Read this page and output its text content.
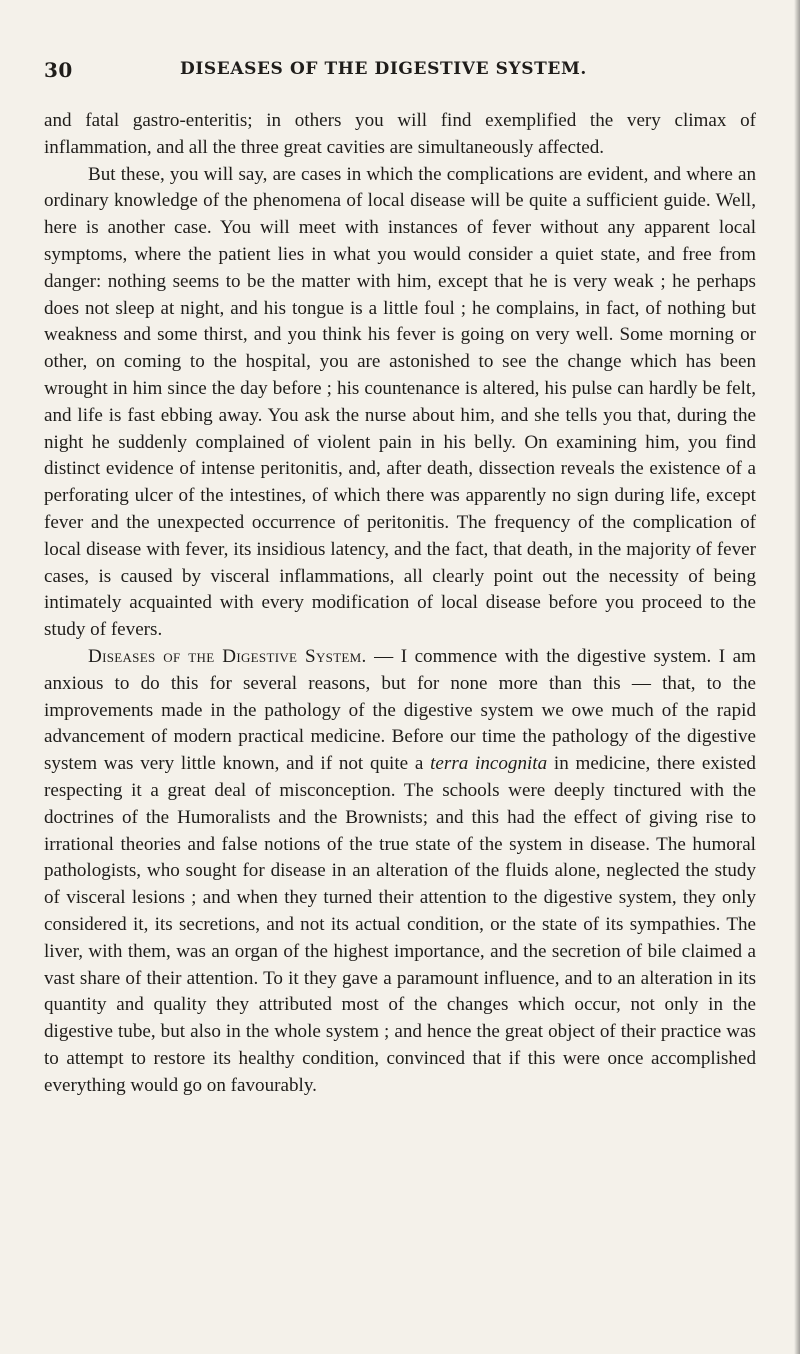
30	DISEASES OF THE DIGESTIVE SYSTEM.

and fatal gastro-enteritis; in others you will find exemplified the very climax of inflammation, and all the three great cavities are simultaneously affected.

But these, you will say, are cases in which the complications are evident, and where an ordinary knowledge of the phenomena of local disease will be quite a sufficient guide. Well, here is another case. You will meet with instances of fever without any apparent local symptoms, where the patient lies in what you would consider a quiet state, and free from danger: nothing seems to be the matter with him, except that he is very weak ; he perhaps does not sleep at night, and his tongue is a little foul ; he complains, in fact, of nothing but weakness and some thirst, and you think his fever is going on very well. Some morning or other, on coming to the hospital, you are astonished to see the change which has been wrought in him since the day before ; his countenance is altered, his pulse can hardly be felt, and life is fast ebbing away. You ask the nurse about him, and she tells you that, during the night he suddenly complained of violent pain in his belly. On examining him, you find distinct evidence of intense peritonitis, and, after death, dissection reveals the existence of a perforating ulcer of the intestines, of which there was apparently no sign during life, except fever and the unexpected occurrence of peritonitis. The frequency of the complication of local disease with fever, its insidious latency, and the fact, that death, in the majority of fever cases, is caused by visceral inflammations, all clearly point out the necessity of being intimately acquainted with every modification of local disease before you proceed to the study of fevers.

Diseases of the Digestive System. — I commence with the digestive system. I am anxious to do this for several reasons, but for none more than this — that, to the improvements made in the pathology of the digestive system we owe much of the rapid advancement of modern practical medicine. Before our time the pathology of the digestive system was very little known, and if not quite a terra incognita in medicine, there existed respecting it a great deal of misconception. The schools were deeply tinctured with the doctrines of the Humoralists and the Brownists; and this had the effect of giving rise to irrational theories and false notions of the true state of the system in disease. The humoral pathologists, who sought for disease in an alteration of the fluids alone, neglected the study of visceral lesions ; and when they turned their attention to the digestive system, they only considered it, its secretions, and not its actual condition, or the state of its sympathies. The liver, with them, was an organ of the highest importance, and the secretion of bile claimed a vast share of their attention. To it they gave a paramount influence, and to an alteration in its quantity and quality they attributed most of the changes which occur, not only in the digestive tube, but also in the whole system ; and hence the great object of their practice was to attempt to restore its healthy condition, convinced that if this were once accomplished everything would go on favourably.
